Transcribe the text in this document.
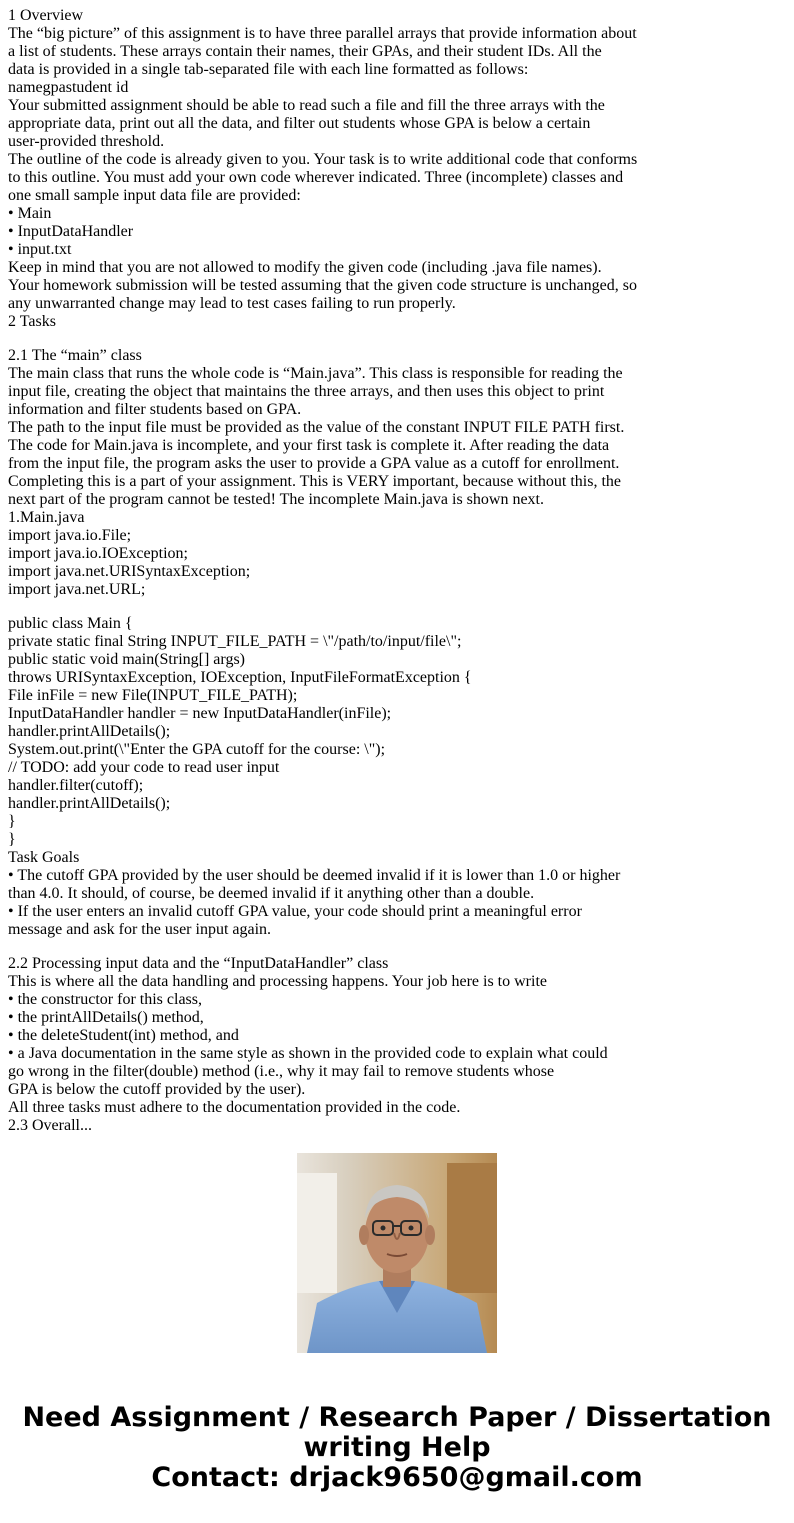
1 Overview
The “big picture” of this assignment is to have three parallel arrays that provide information about
a list of students. These arrays contain their names, their GPAs, and their student IDs. All the
data is provided in a single tab-separated file with each line formatted as follows:
namegpastudent id
Your submitted assignment should be able to read such a file and fill the three arrays with the
appropriate data, print out all the data, and filter out students whose GPA is below a certain
user-provided threshold.
The outline of the code is already given to you. Your task is to write additional code that conforms
to this outline. You must add your own code wherever indicated. Three (incomplete) classes and
one small sample input data file are provided:
• Main
• InputDataHandler
• input.txt
Keep in mind that you are not allowed to modify the given code (including .java file names).
Your homework submission will be tested assuming that the given code structure is unchanged, so
any unwarranted change may lead to test cases failing to run properly.
2 Tasks
2.1 The “main” class
The main class that runs the whole code is “Main.java”. This class is responsible for reading the
input file, creating the object that maintains the three arrays, and then uses this object to print
information and filter students based on GPA.
The path to the input file must be provided as the value of the constant INPUT FILE PATH first.
The code for Main.java is incomplete, and your first task is complete it. After reading the data
from the input file, the program asks the user to provide a GPA value as a cutoff for enrollment.
Completing this is a part of your assignment. This is VERY important, because without this, the
next part of the program cannot be tested! The incomplete Main.java is shown next.
1.Main.java
import java.io.File;
import java.io.IOException;
import java.net.URISyntaxException;
import java.net.URL;
public class Main {
private static final String INPUT_FILE_PATH = \"/path/to/input/file\";
public static void main(String[] args)
throws URISyntaxException, IOException, InputFileFormatException {
File inFile = new File(INPUT_FILE_PATH);
InputDataHandler handler = new InputDataHandler(inFile);
handler.printAllDetails();
System.out.print(\"Enter the GPA cutoff for the course: \");
// TODO: add your code to read user input
handler.filter(cutoff);
handler.printAllDetails();
}
}
Task Goals
• The cutoff GPA provided by the user should be deemed invalid if it is lower than 1.0 or higher
than 4.0. It should, of course, be deemed invalid if it anything other than a double.
• If the user enters an invalid cutoff GPA value, your code should print a meaningful error
message and ask for the user input again.
2.2 Processing input data and the “InputDataHandler” class
This is where all the data handling and processing happens. Your job here is to write
• the constructor for this class,
• the printAllDetails() method,
• the deleteStudent(int) method, and
• a Java documentation in the same style as shown in the provided code to explain what could
go wrong in the filter(double) method (i.e., why it may fail to remove students whose
GPA is below the cutoff provided by the user).
All three tasks must adhere to the documentation provided in the code.
2.3 Overall...
Need Assignment / Research Paper / Dissertation
writing Help
Contact: drjack9650@gmail.com
